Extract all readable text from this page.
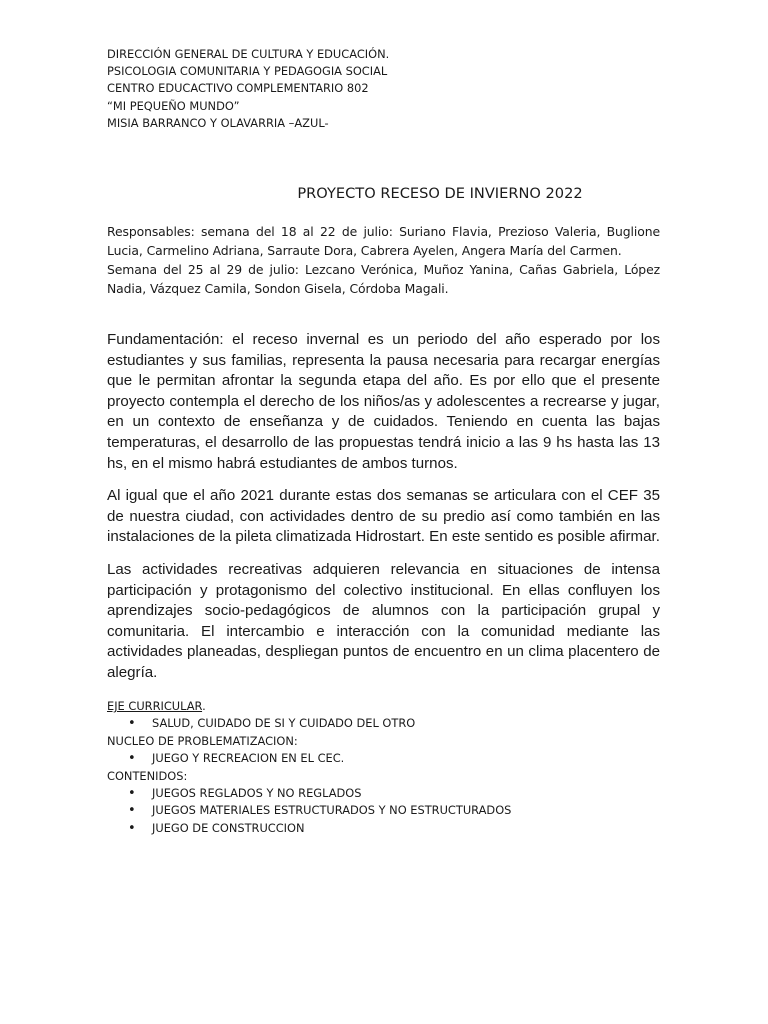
DIRECCIÓN GENERAL DE CULTURA Y EDUCACIÓN.
PSICOLOGIA COMUNITARIA Y PEDAGOGIA SOCIAL
CENTRO EDUCACTIVO COMPLEMENTARIO 802
“MI PEQUEÑO MUNDO”
MISIA BARRANCO Y OLAVARRIA –AZUL-
PROYECTO RECESO DE INVIERNO 2022

Responsables: semana del 18 al 22 de julio: Suriano Flavia, Prezioso Valeria, Buglione Lucia, Carmelino Adriana, Sarraute Dora, Cabrera Ayelen, Angera María del Carmen.

Semana del 25 al 29 de julio: Lezcano Verónica, Muñoz Yanina, Cañas Gabriela, López Nadia, Vázquez Camila, Sondon Gisela, Córdoba Magali.

Fundamentación: el receso invernal es un periodo del año esperado por los estudiantes y sus familias, representa la pausa necesaria para recargar energías que le permitan afrontar la segunda etapa del año. Es por ello que el presente proyecto contempla el derecho de los niños/as y adolescentes a recrearse y jugar, en un contexto de enseñanza y de cuidados. Teniendo en cuenta las bajas temperaturas, el desarrollo de las propuestas tendrá inicio a las 9 hs hasta las 13 hs, en el mismo habrá estudiantes de ambos turnos.

Al igual que el año 2021 durante estas dos semanas se articulara con el CEF 35 de nuestra ciudad, con actividades dentro de su predio así como también en las instalaciones de la pileta climatizada Hidrostart. En este sentido es posible afirmar.

Las actividades recreativas adquieren relevancia en situaciones de intensa participación y protagonismo del colectivo institucional. En ellas confluyen los aprendizajes socio-pedagógicos de alumnos con la participación grupal y comunitaria. El intercambio e interacción con la comunidad mediante las actividades planeadas, despliegan puntos de encuentro en un clima placentero de alegría.

EJE CURRICULAR.
• SALUD, CUIDADO DE SI Y CUIDADO DEL OTRO
NUCLEO DE PROBLEMATIZACION:
• JUEGO Y RECREACION EN EL CEC.
CONTENIDOS:
• JUEGOS REGLADOS Y NO REGLADOS
• JUEGOS MATERIALES ESTRUCTURADOS Y NO ESTRUCTURADOS
• JUEGO DE CONSTRUCCION
